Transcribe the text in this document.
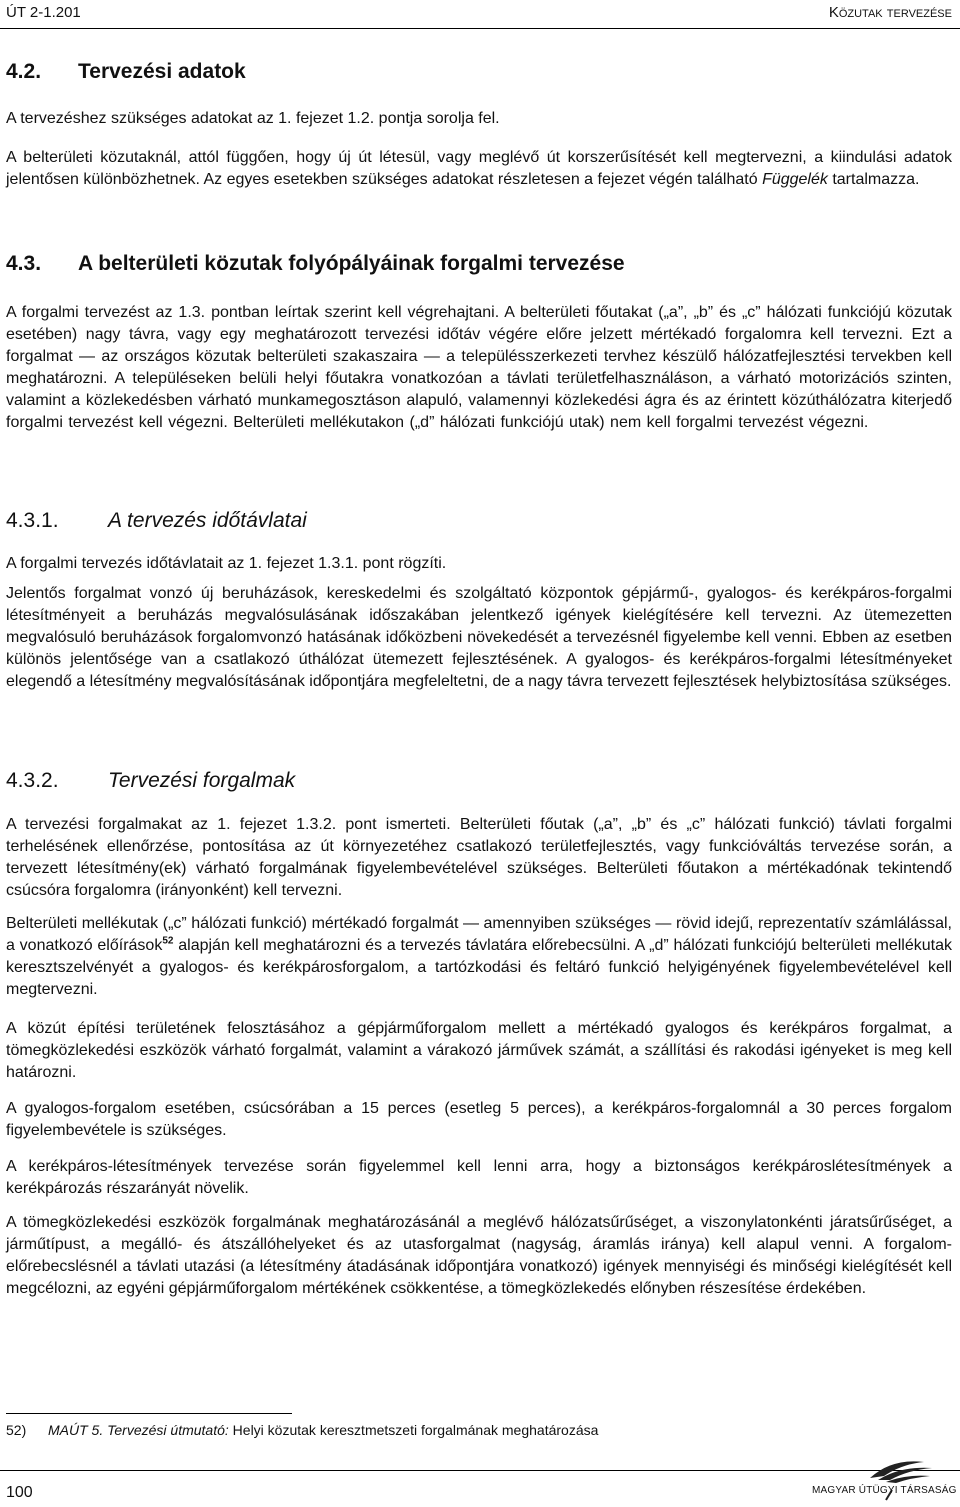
ÚT 2-1.201	Közutak tervezése
4.2. Tervezési adatok

A tervezéshez szükséges adatokat az 1. fejezet 1.2. pontja sorolja fel.

A belterületi közutaknál, attól függően, hogy új út létesül, vagy meglévő út korszerűsítését kell megtervezni, a kiindulási adatok jelentősen különbözhetnek. Az egyes esetekben szükséges adatokat részletesen a fejezet végén található Függelék tartalmazza.

4.3. A belterületi közutak folyópályáinak forgalmi tervezése

A forgalmi tervezést az 1.3. pontban leírtak szerint kell végrehajtani. A belterületi főutakat („a”, „b” és „c” hálózati funkciójú közutak esetében) nagy távra, vagy egy meghatározott tervezési időtáv végére előre jelzett mértékadó forgalomra kell tervezni. Ezt a forgalmat — az országos közutak belterületi szakaszaira — a településszerkezeti tervhez készülő hálózatfejlesztési tervekben kell meghatározni. A településeken belüli helyi főutakra vonatkozóan a távlati területfelhasználáson, a várható motorizációs szinten, valamint a közlekedésben várható munkamegosztáson alapuló, valamennyi közlekedési ágra és az érintett közúthálózatra kiterjedő forgalmi tervezést kell végezni. Belterületi mellékutakon („d” hálózati funkciójú utak) nem kell forgalmi tervezést végezni.

4.3.1. A tervezés időtávlatai

A forgalmi tervezés időtávlatait az 1. fejezet 1.3.1. pont rögzíti.

Jelentős forgalmat vonzó új beruházások, kereskedelmi és szolgáltató központok gépjármű-, gyalogos- és kerékpáros-forgalmi létesítményeit a beruházás megvalósulásának időszakában jelentkező igények kielégítésére kell tervezni. Az ütemezetten megvalósuló beruházások forgalomvonzó hatásának időközbeni növekedését a tervezésnél figyelembe kell venni. Ebben az esetben különös jelentősége van a csatlakozó úthálózat ütemezett fejlesztésének. A gyalogos- és kerékpáros-forgalmi létesítményeket elegendő a létesítmény megvalósításának időpontjára megfeleltetni, de a nagy távra tervezett fejlesztések helybiztosítása szükséges.

4.3.2. Tervezési forgalmak

A tervezési forgalmakat az 1. fejezet 1.3.2. pont ismerteti. Belterületi főutak („a”, „b” és „c” hálózati funkció) távlati forgalmi terhelésének ellenőrzése, pontosítása az út környezetéhez csatlakozó területfejlesztés, vagy funkcióváltás tervezése során, a tervezett létesítmény(ek) várható forgalmának figyelembevételével szükséges. Belterületi főutakon a mértékadónak tekintendő csúcsóra forgalomra (irányonként) kell tervezni.

Belterületi mellékutak („c” hálózati funkció) mértékadó forgalmát — amennyiben szükséges — rövid idejű, reprezentatív számlálással, a vonatkozó előírások$^{52}$ alapján kell meghatározni és a tervezés távlatára előrebecsülni. A „d” hálózati funkciójú belterületi mellékutak keresztszelvényét a gyalogos- és kerékpárosforgalom, a tartózkodási és feltáró funkció helyigényének figyelembevételével kell megtervezni.

A közút építési területének felosztásához a gépjárműforgalom mellett a mértékadó gyalogos és kerékpáros forgalmat, a tömegközlekedési eszközök várható forgalmát, valamint a várakozó járművek számát, a szállítási és rakodási igényeket is meg kell határozni.

A gyalogos-forgalom esetében, csúcsórában a 15 perces (esetleg 5 perces), a kerékpáros-forgalomnál a 30 perces forgalom figyelembevétele is szükséges.

A kerékpáros-létesítmények tervezése során figyelemmel kell lenni arra, hogy a biztonságos kerékpároslétesítmények a kerékpározás részarányát növelik.

A tömegközlekedési eszközök forgalmának meghatározásánál a meglévő hálózatsűrűséget, a viszonylatonkénti járatsűrűséget, a járműtípust, a megálló- és átszállóhelyeket és az utasforgalmat (nagyság, áramlás iránya) kell alapul venni. A forgalom-előrebecslésnél a távlati utazási (a létesítmény átadásának időpontjára vonatkozó) igények mennyiségi és minőségi kielégítését kell megcélozni, az egyéni gépjárműforgalom mértékének csökkentése, a tömegközlekedés előnyben részesítése érdekében.

52) MAÚT 5. Tervezési útmutató: Helyi közutak keresztmetszeti forgalmának meghatározása
100	MAGYAR ÚTÜGYI TÁRSASÁG
